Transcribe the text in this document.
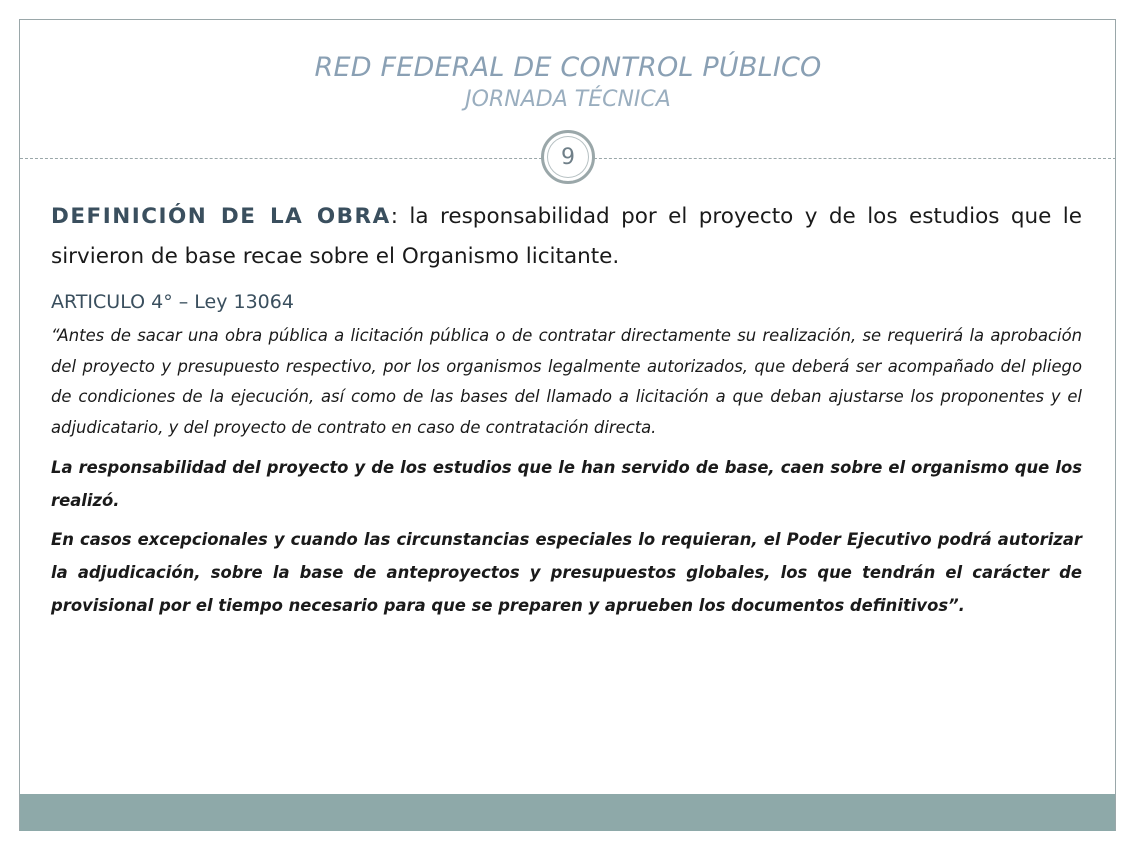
RED FEDERAL DE CONTROL PÚBLICO
JORNADA TÉCNICA
9

DEFINICIÓN DE LA OBRA: la responsabilidad por el proyecto y de los estudios que le sirvieron de base recae sobre el Organismo licitante.

ARTICULO 4° – Ley 13064

“Antes de sacar una obra pública a licitación pública o de contratar directamente su realización, se requerirá la aprobación del proyecto y presupuesto respectivo, por los organismos legalmente autorizados, que deberá ser acompañado del pliego de condiciones de la ejecución, así como de las bases del llamado a licitación a que deban ajustarse los proponentes y el adjudicatario, y del proyecto de contrato en caso de contratación directa.

La responsabilidad del proyecto y de los estudios que le han servido de base, caen sobre el organismo que los realizó.

En casos excepcionales y cuando las circunstancias especiales lo requieran, el Poder Ejecutivo podrá autorizar la adjudicación, sobre la base de anteproyectos y presupuestos globales, los que tendrán el carácter de provisional por el tiempo necesario para que se preparen y aprueben los documentos definitivos”.
